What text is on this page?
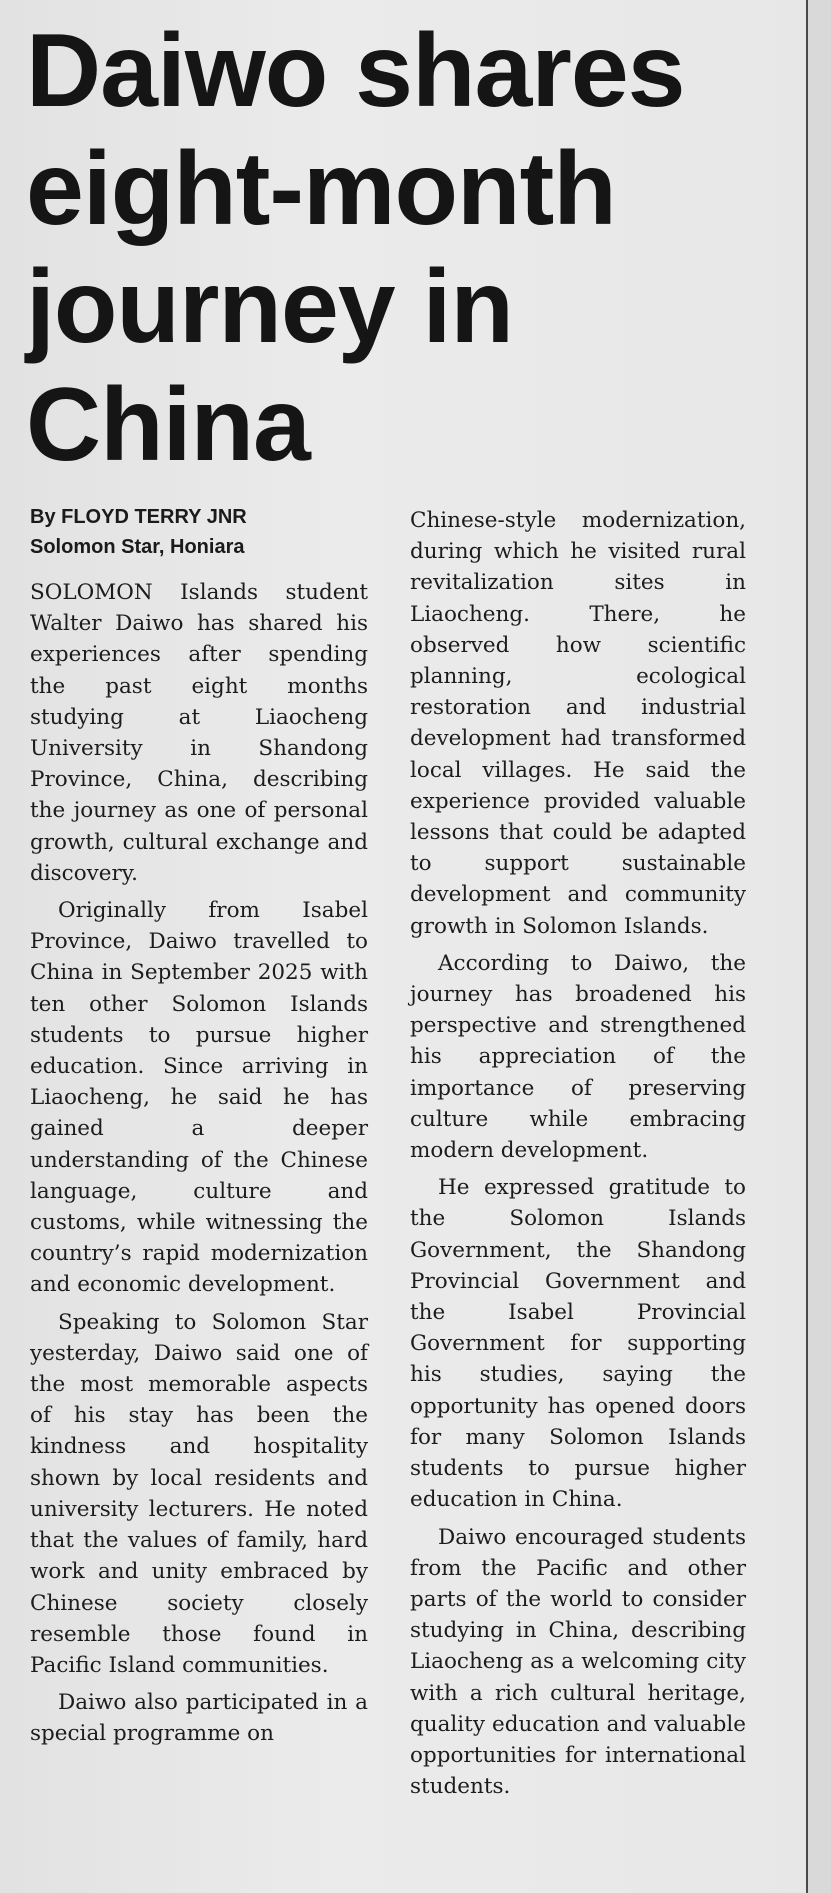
Daiwo shares eight-month journey in China
By FLOYD TERRY JNR
Solomon Star, Honiara

SOLOMON Islands student Walter Daiwo has shared his experiences after spending the past eight months studying at Liaocheng University in Shandong Province, China, describing the journey as one of personal growth, cultural exchange and discovery.

Originally from Isabel Province, Daiwo travelled to China in September 2025 with ten other Solomon Islands students to pursue higher education. Since arriving in Liaocheng, he said he has gained a deeper understanding of the Chinese language, culture and customs, while witnessing the country’s rapid modernization and economic development.

Speaking to Solomon Star yesterday, Daiwo said one of the most memorable aspects of his stay has been the kindness and hospitality shown by local residents and university lecturers. He noted that the values of family, hard work and unity embraced by Chinese society closely resemble those found in Pacific Island communities.

Daiwo also participated in a special programme on

Chinese-style modernization, during which he visited rural revitalization sites in Liaocheng. There, he observed how scientific planning, ecological restoration and industrial development had transformed local villages. He said the experience provided valuable lessons that could be adapted to support sustainable development and community growth in Solomon Islands.

According to Daiwo, the journey has broadened his perspective and strengthened his appreciation of the importance of preserving culture while embracing modern development.

He expressed gratitude to the Solomon Islands Government, the Shandong Provincial Government and the Isabel Provincial Government for supporting his studies, saying the opportunity has opened doors for many Solomon Islands students to pursue higher education in China.

Daiwo encouraged students from the Pacific and other parts of the world to consider studying in China, describing Liaocheng as a welcoming city with a rich cultural heritage, quality education and valuable opportunities for international students.
